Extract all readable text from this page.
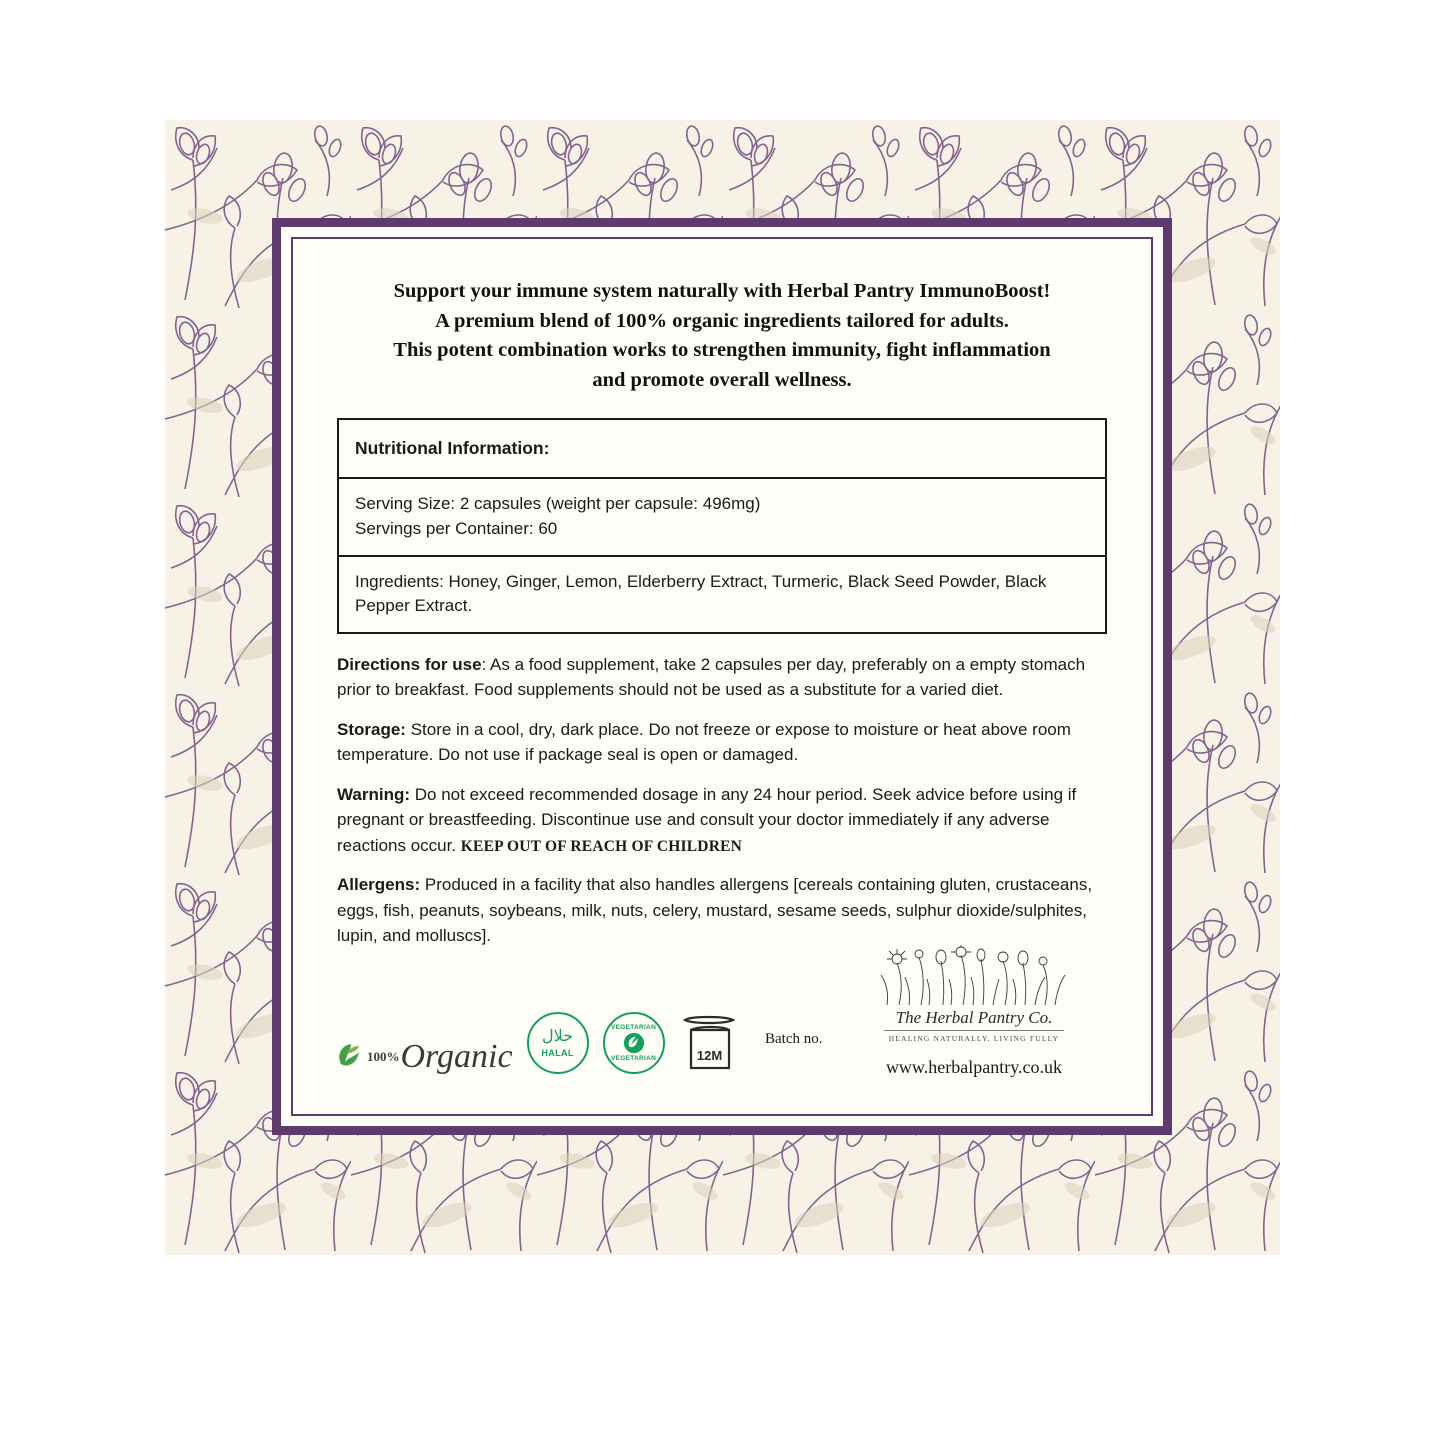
Support your immune system naturally with Herbal Pantry ImmunoBoost!
A premium blend of 100% organic ingredients tailored for adults.
This potent combination works to strengthen immunity, fight inflammation
and promote overall wellness.
Nutritional Information:
Serving Size: 2 capsules (weight per capsule: 496mg)
Servings per Container: 60
Ingredients: Honey, Ginger, Lemon, Elderberry Extract, Turmeric, Black Seed Powder, Black Pepper Extract.

Directions for use: As a food supplement, take 2 capsules per day, preferably on a empty stomach prior to breakfast. Food supplements should not be used as a substitute for a varied diet.

Storage: Store in a cool, dry, dark place. Do not freeze or expose to moisture or heat above room temperature. Do not use if package seal is open or damaged.

Warning: Do not exceed recommended dosage in any 24 hour period. Seek advice before using if pregnant or breastfeeding. Discontinue use and consult your doctor immediately if any adverse reactions occur. KEEP OUT OF REACH OF CHILDREN

Allergens: Produced in a facility that also handles allergens [cereals containing gluten, crustaceans, eggs, fish, peanuts, soybeans, milk, nuts, celery, mustard, sesame seeds, sulphur dioxide/sulphites, lupin, and molluscs].

100% Organic
حلال
HALAL
VEGETARIAN
VEGETARIAN	12M
Batch no.
The Herbal Pantry Co.
HEALING NATURALLY, LIVING FULLY
www.herbalpantry.co.uk
